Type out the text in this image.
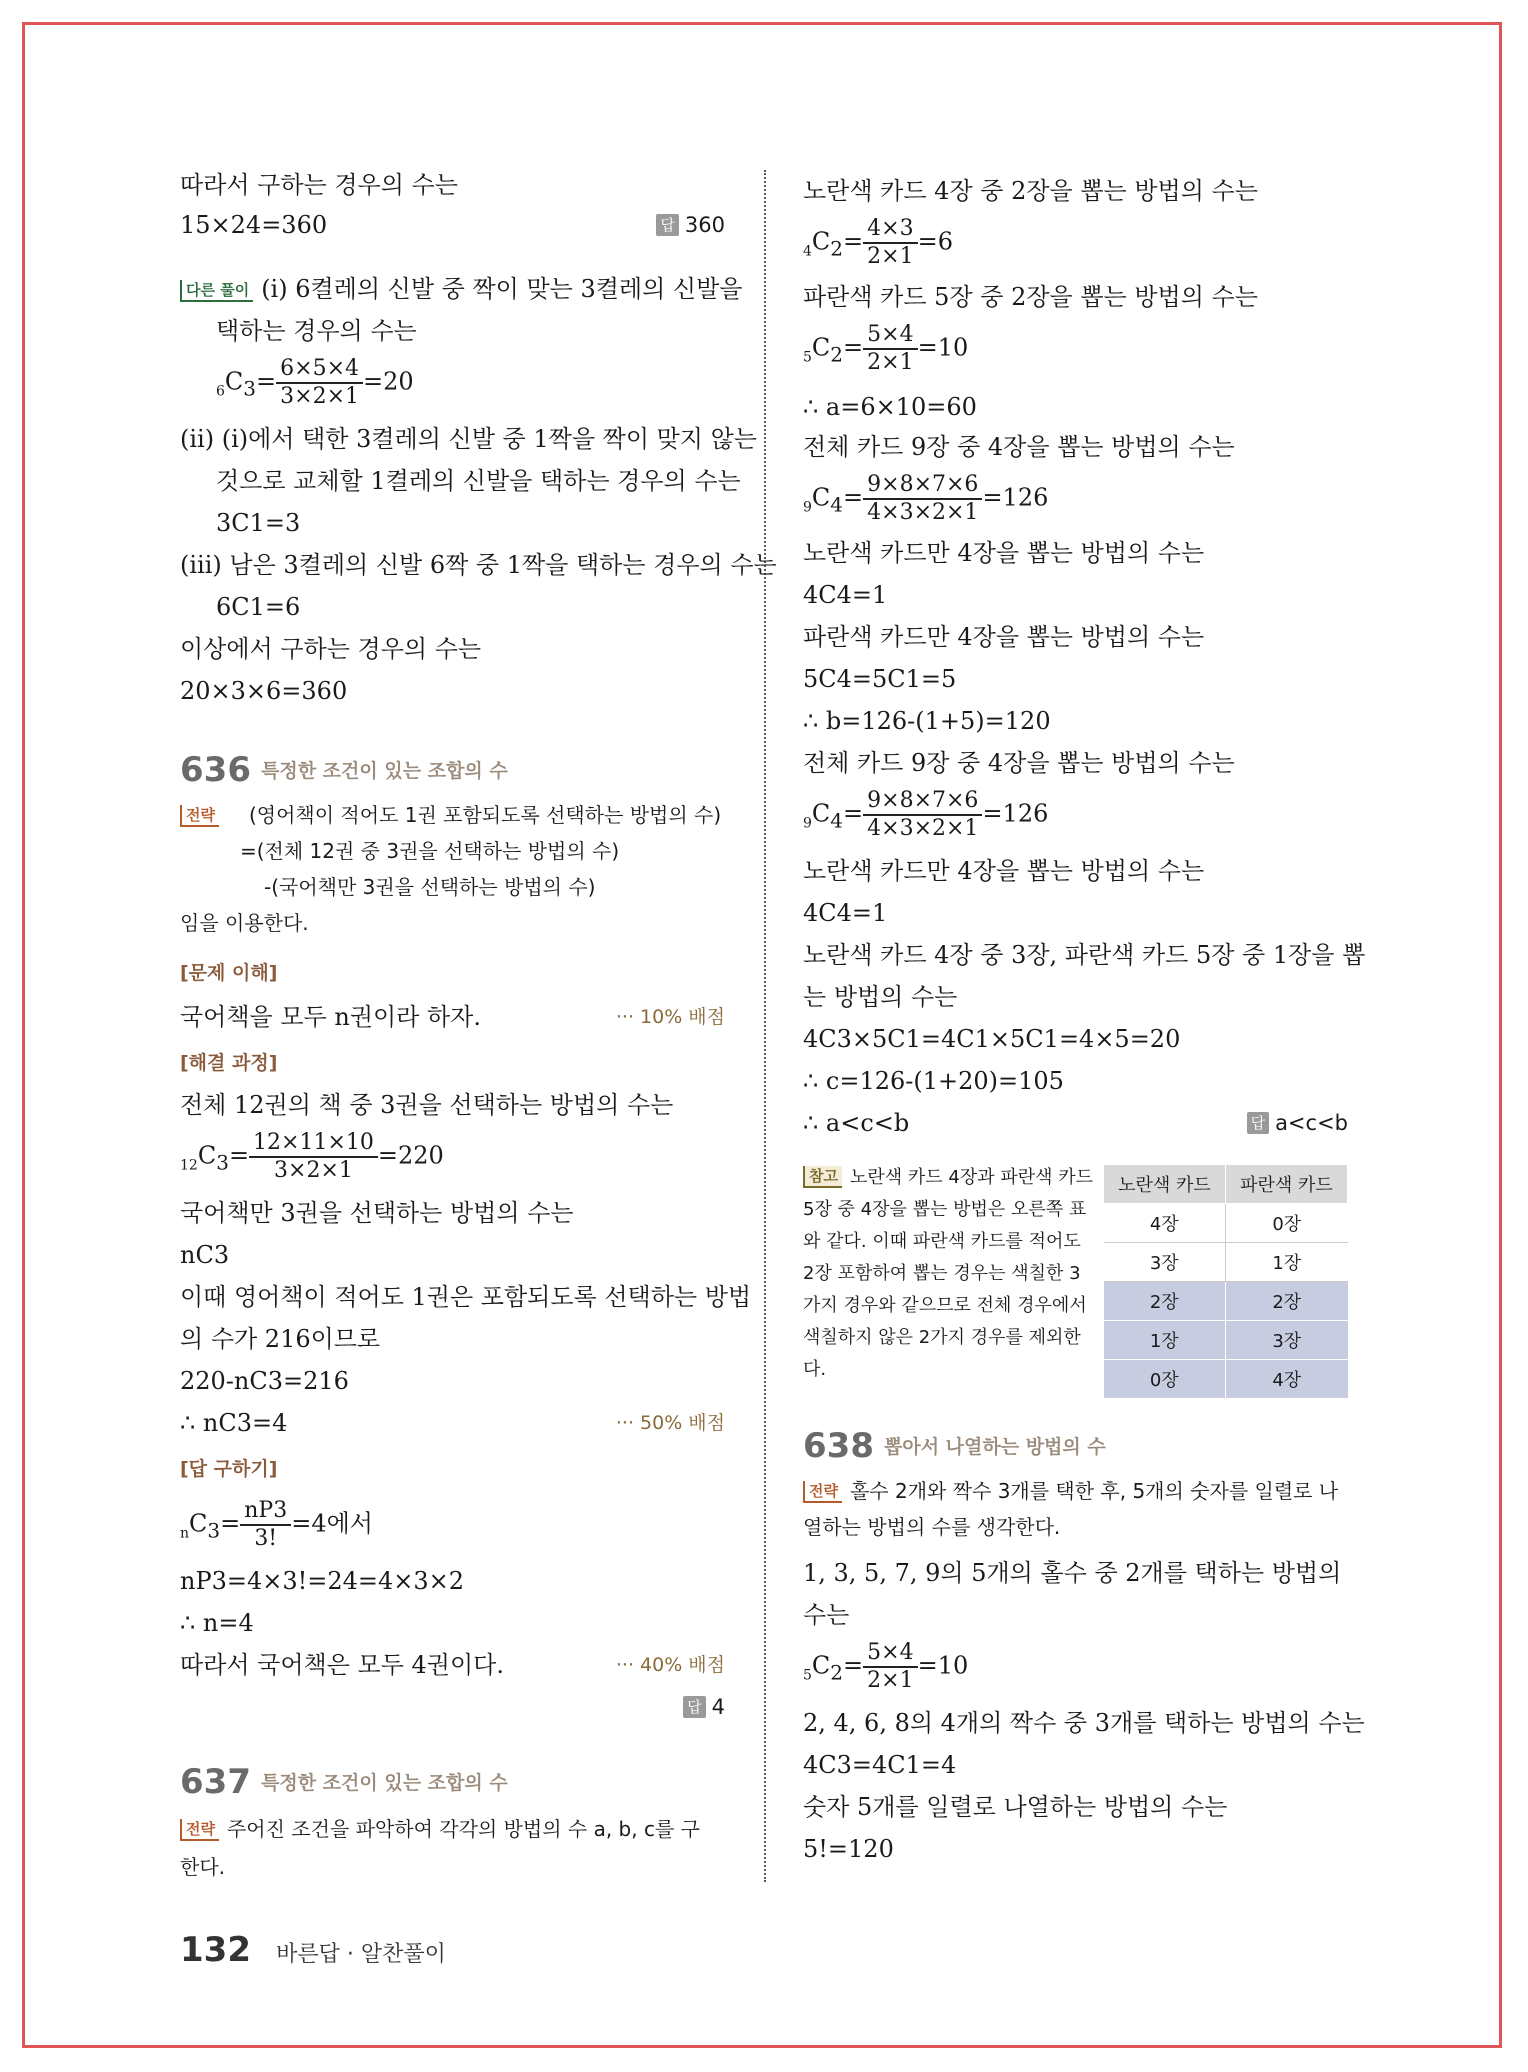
따라서 구하는 경우의 수는
15×24=360	답 360
다른 풀이 (ⅰ) 6켤레의 신발 중 짝이 맞는 3켤레의 신발을
택하는 경우의 수는
$_6C_3= \frac{6\times 5\times 4}{3\times 2\times 1} =20$
(ⅱ) (ⅰ)에서 택한 3켤레의 신발 중 1짝을 짝이 맞지 않는
것으로 교체할 1켤레의 신발을 택하는 경우의 수는
3C1=3
(ⅲ) 남은 3켤레의 신발 6짝 중 1짝을 택하는 경우의 수는
6C1=6
이상에서 구하는 경우의 수는
20×3×6=360
636 특정한 조건이 있는 조합의 수
전략 (영어책이 적어도 1권 포함되도록 선택하는 방법의 수)
=(전체 12권 중 3권을 선택하는 방법의 수)
-(국어책만 3권을 선택하는 방법의 수)
임을 이용한다.
[문제 이해]
국어책을 모두 n권이라 하자.	··· 10% 배점
[해결 과정]
전체 12권의 책 중 3권을 선택하는 방법의 수는
$_{12}C_3= \frac{12\times 11\times 10}{3\times 2\times 1} =220$
국어책만 3권을 선택하는 방법의 수는
nC3
이때 영어책이 적어도 1권은 포함되도록 선택하는 방법
의 수가 216이므로
220-nC3=216
∴ nC3=4	··· 50% 배점
[답 구하기]
$_nC_3= \frac{nP3}{3!} =4$에서
nP3=4×3!=24=4×3×2
∴ n=4
따라서 국어책은 모두 4권이다.	··· 40% 배점
답 4
637 특정한 조건이 있는 조합의 수
전략 주어진 조건을 파악하여 각각의 방법의 수 a, b, c를 구
한다.
노란색 카드 4장 중 2장을 뽑는 방법의 수는
$_4C_2= \frac{4\times 3}{2\times 1} =6$
파란색 카드 5장 중 2장을 뽑는 방법의 수는
$_5C_2= \frac{5\times 4}{2\times 1} =10$
∴ a=6×10=60
전체 카드 9장 중 4장을 뽑는 방법의 수는
$_9C_4= \frac{9\times 8\times 7\times 6}{4\times 3\times 2\times 1} =126$
노란색 카드만 4장을 뽑는 방법의 수는
4C4=1
파란색 카드만 4장을 뽑는 방법의 수는
5C4=5C1=5
∴ b=126-(1+5)=120
전체 카드 9장 중 4장을 뽑는 방법의 수는
$_9C_4= \frac{9\times 8\times 7\times 6}{4\times 3\times 2\times 1} =126$
노란색 카드만 4장을 뽑는 방법의 수는
4C4=1
노란색 카드 4장 중 3장, 파란색 카드 5장 중 1장을 뽑
는 방법의 수는
4C3×5C1=4C1×5C1=4×5=20
∴ c=126-(1+20)=105
∴ a<c<b	답 a<c<b
참고 노란색 카드 4장과 파란색 카드 5장 중 4장을 뽑는 방법은 오른쪽 표와 같다. 이때 파란색 카드를 적어도 2장 포함하여 뽑는 경우는 색칠한 3가지 경우와 같으므로 전체 경우에서 색칠하지 않은 2가지 경우를 제외한다.
노란색 카드	파란색 카드
4장	0장
3장	1장
2장	2장
1장	3장
0장	4장
638 뽑아서 나열하는 방법의 수
전략 홀수 2개와 짝수 3개를 택한 후, 5개의 숫자를 일렬로 나
열하는 방법의 수를 생각한다.
1, 3, 5, 7, 9의 5개의 홀수 중 2개를 택하는 방법의
수는
$_5C_2= \frac{5\times 4}{2\times 1} =10$
2, 4, 6, 8의 4개의 짝수 중 3개를 택하는 방법의 수는
4C3=4C1=4
숫자 5개를 일렬로 나열하는 방법의 수는
5!=120
132 바른답 · 알찬풀이
